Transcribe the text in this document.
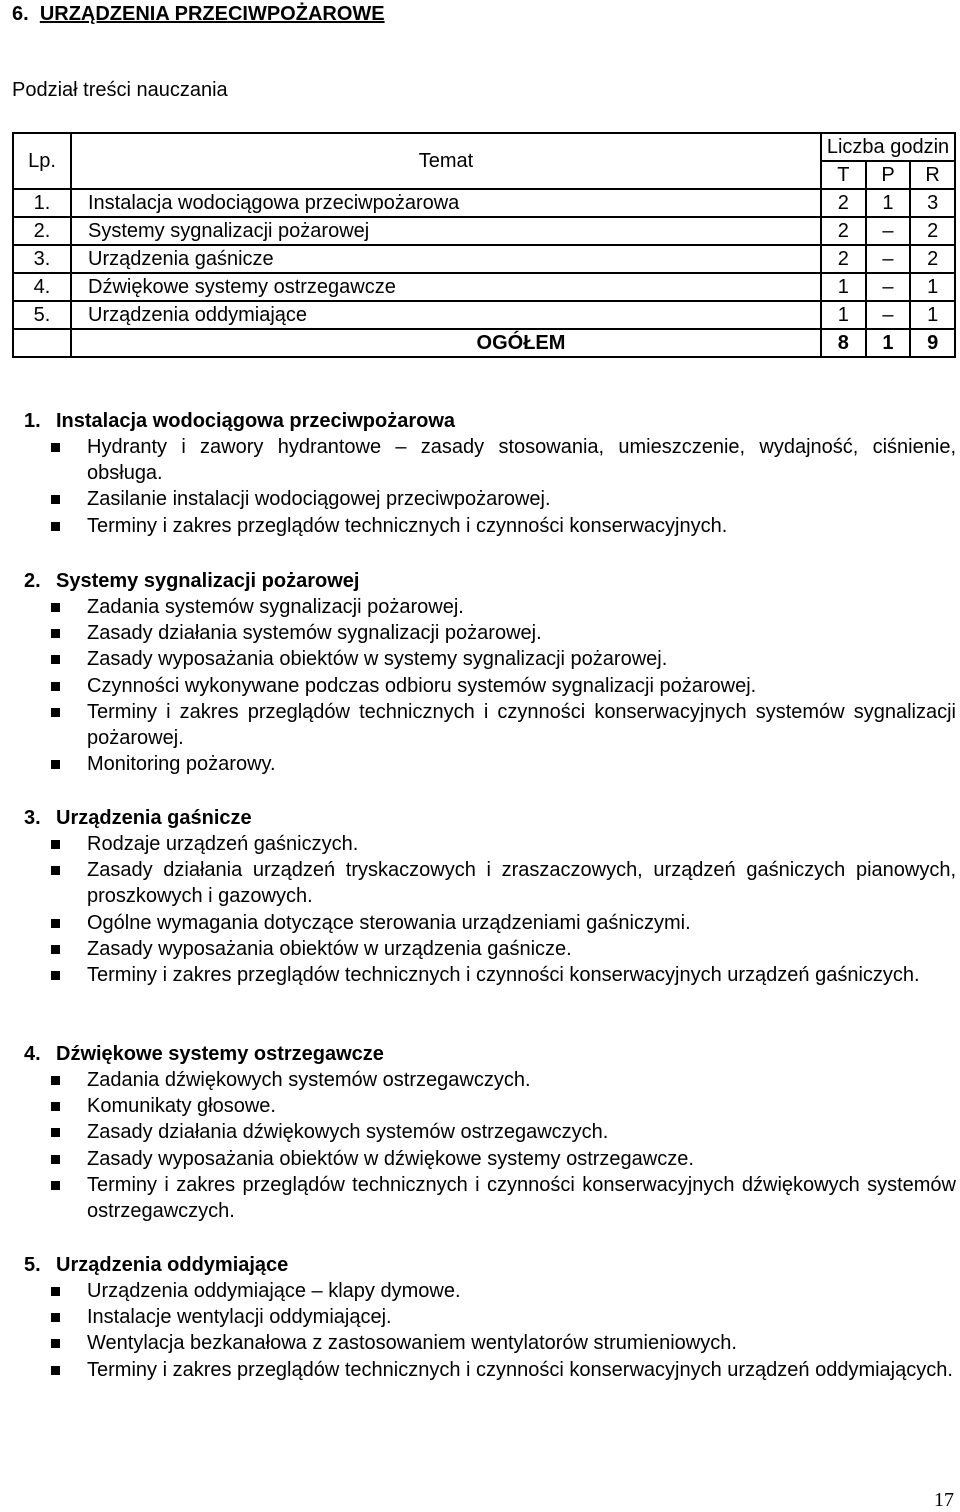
6. URZĄDZENIA PRZECIWPOŻAROWE
Podział treści nauczania
Lp.	Temat	Liczba godzin		
		T	P	R
1.	Instalacja wodociągowa przeciwpożarowa	2	1	3
2.	Systemy sygnalizacji pożarowej	2	–	2
3.	Urządzenia gaśnicze	2	–	2
4.	Dźwiękowe systemy ostrzegawcze	1	–	1
5.	Urządzenia oddymiające	1	–	1
	OGÓŁEM	8	1	9
1. Instalacja wodociągowa przeciwpożarowa
Hydranty i zawory hydrantowe – zasady stosowania, umieszczenie, wydajność, ciśnienie, obsługa.
Zasilanie instalacji wodociągowej przeciwpożarowej.
Terminy i zakres przeglądów technicznych i czynności konserwacyjnych.
2. Systemy sygnalizacji pożarowej
Zadania systemów sygnalizacji pożarowej.
Zasady działania systemów sygnalizacji pożarowej.
Zasady wyposażania obiektów w systemy sygnalizacji pożarowej.
Czynności wykonywane podczas odbioru systemów sygnalizacji pożarowej.
Terminy i zakres przeglądów technicznych i czynności konserwacyjnych systemów sygnalizacji pożarowej.
Monitoring pożarowy.
3. Urządzenia gaśnicze
Rodzaje urządzeń gaśniczych.
Zasady działania urządzeń tryskaczowych i zraszaczowych, urządzeń gaśniczych pianowych, proszkowych i gazowych.
Ogólne wymagania dotyczące sterowania urządzeniami gaśniczymi.
Zasady wyposażania obiektów w urządzenia gaśnicze.
Terminy i zakres przeglądów technicznych i czynności konserwacyjnych urządzeń gaśniczych.
4. Dźwiękowe systemy ostrzegawcze
Zadania dźwiękowych systemów ostrzegawczych.
Komunikaty głosowe.
Zasady działania dźwiękowych systemów ostrzegawczych.
Zasady wyposażania obiektów w dźwiękowe systemy ostrzegawcze.
Terminy i zakres przeglądów technicznych i czynności konserwacyjnych dźwiękowych systemów ostrzegawczych.
5. Urządzenia oddymiające
Urządzenia oddymiające – klapy dymowe.
Instalacje wentylacji oddymiającej.
Wentylacja bezkanałowa z zastosowaniem wentylatorów strumieniowych.
Terminy i zakres przeglądów technicznych i czynności konserwacyjnych urządzeń oddymiających.
17
